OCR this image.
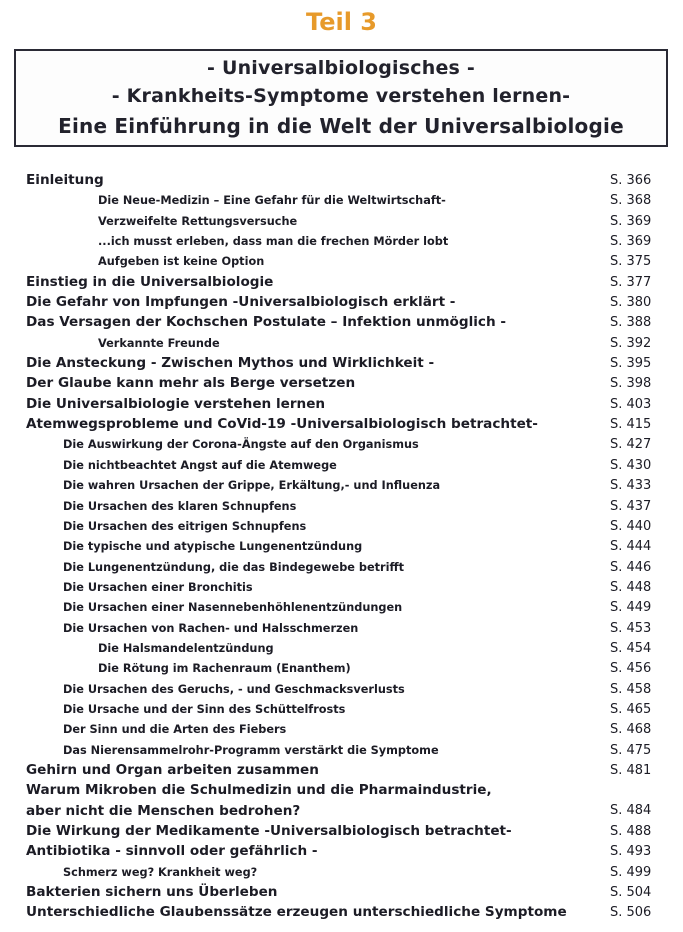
Teil 3
- Universalbiologisches -
- Krankheits-Symptome verstehen lernen-
Eine Einführung in die Welt der Universalbiologie
Einleitung	S. 366
Die Neue-Medizin – Eine Gefahr für die Weltwirtschaft-	S. 368
Verzweifelte Rettungsversuche	S. 369
...ich musst erleben, dass man die frechen Mörder lobt	S. 369
Aufgeben ist keine Option	S. 375
Einstieg in die Universalbiologie	S. 377
Die Gefahr von Impfungen -Universalbiologisch erklärt -	S. 380
Das Versagen der Kochschen Postulate – Infektion unmöglich -	S. 388
Verkannte Freunde	S. 392
Die Ansteckung - Zwischen Mythos und Wirklichkeit -	S. 395
Der Glaube kann mehr als Berge versetzen	S. 398
Die Universalbiologie verstehen lernen	S. 403
Atemwegsprobleme und CoVid-19 -Universalbiologisch betrachtet-	S. 415
Die Auswirkung der Corona-Ängste auf den Organismus	S. 427
Die nichtbeachtet Angst auf die Atemwege	S. 430
Die wahren Ursachen der Grippe, Erkältung,- und Influenza	S. 433
Die Ursachen des klaren Schnupfens	S. 437
Die Ursachen des eitrigen Schnupfens	S. 440
Die typische und atypische Lungenentzündung	S. 444
Die Lungenentzündung, die das Bindegewebe betrifft	S. 446
Die Ursachen einer Bronchitis	S. 448
Die Ursachen einer Nasennebenhöhlenentzündungen	S. 449
Die Ursachen von Rachen- und Halsschmerzen	S. 453
Die Halsmandelentzündung	S. 454
Die Rötung im Rachenraum (Enanthem)	S. 456
Die Ursachen des Geruchs, - und Geschmacksverlusts	S. 458
Die Ursache und der Sinn des Schüttelfrosts	S. 465
Der Sinn und die Arten des Fiebers	S. 468
Das Nierensammelrohr-Programm verstärkt die Symptome	S. 475
Gehirn und Organ arbeiten zusammen	S. 481
Warum Mikroben die Schulmedizin und die Pharmaindustrie,
aber nicht die Menschen bedrohen?	S. 484
Die Wirkung der Medikamente -Universalbiologisch betrachtet-	S. 488
Antibiotika - sinnvoll oder gefährlich -	S. 493
Schmerz weg? Krankheit weg?	S. 499
Bakterien sichern uns Überleben	S. 504
Unterschiedliche Glaubenssätze erzeugen unterschiedliche Symptome	S. 506
